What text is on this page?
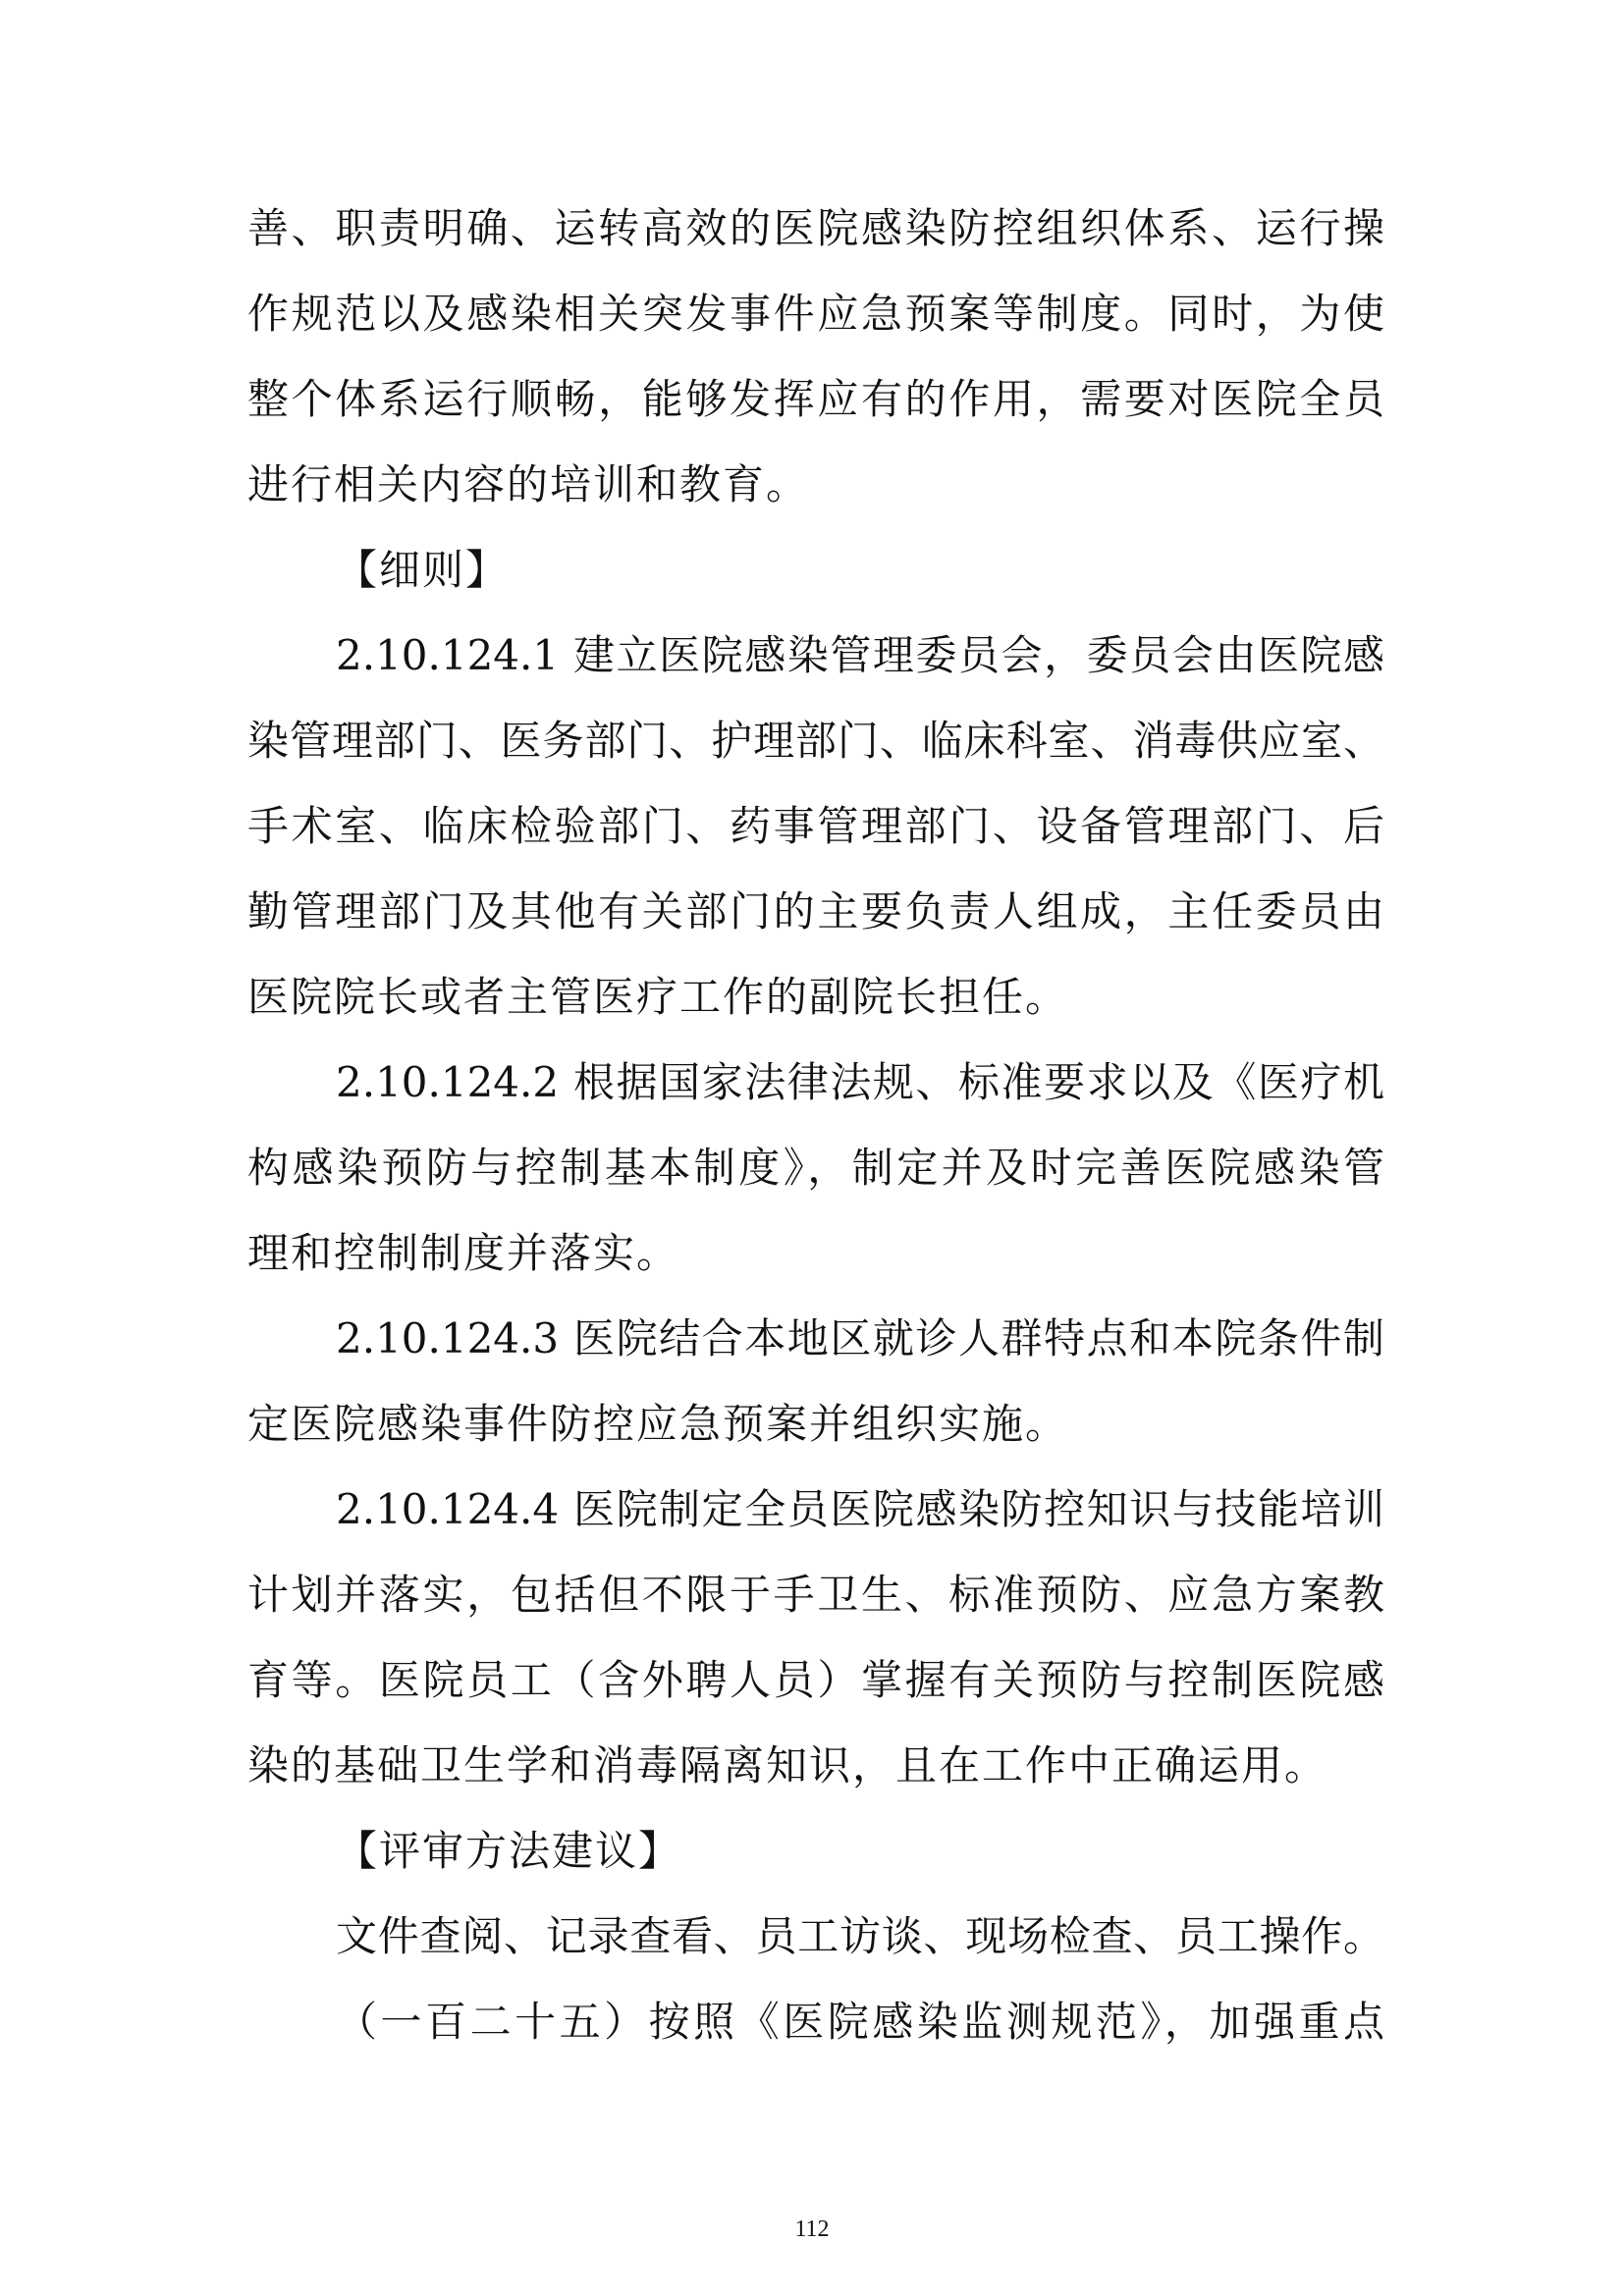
善、职责明确、运转高效的医院感染防控组织体系、运行操
作规范以及感染相关突发事件应急预案等制度。同时，为使
整个体系运行顺畅，能够发挥应有的作用，需要对医院全员
进行相关内容的培训和教育。
【细则】
2.10.124.1 建立医院感染管理委员会，委员会由医院感
染管理部门、医务部门、护理部门、临床科室、消毒供应室、
手术室、临床检验部门、药事管理部门、设备管理部门、后
勤管理部门及其他有关部门的主要负责人组成，主任委员由
医院院长或者主管医疗工作的副院长担任。
2.10.124.2 根据国家法律法规、标准要求以及《医疗机
构感染预防与控制基本制度》，制定并及时完善医院感染管
理和控制制度并落实。
2.10.124.3 医院结合本地区就诊人群特点和本院条件制
定医院感染事件防控应急预案并组织实施。
2.10.124.4 医院制定全员医院感染防控知识与技能培训
计划并落实，包括但不限于手卫生、标准预防、应急方案教
育等。医院员工（含外聘人员）掌握有关预防与控制医院感
染的基础卫生学和消毒隔离知识，且在工作中正确运用。
【评审方法建议】
文件查阅、记录查看、员工访谈、现场检查、员工操作。
（一百二十五）按照《医院感染监测规范》，加强重点
112
